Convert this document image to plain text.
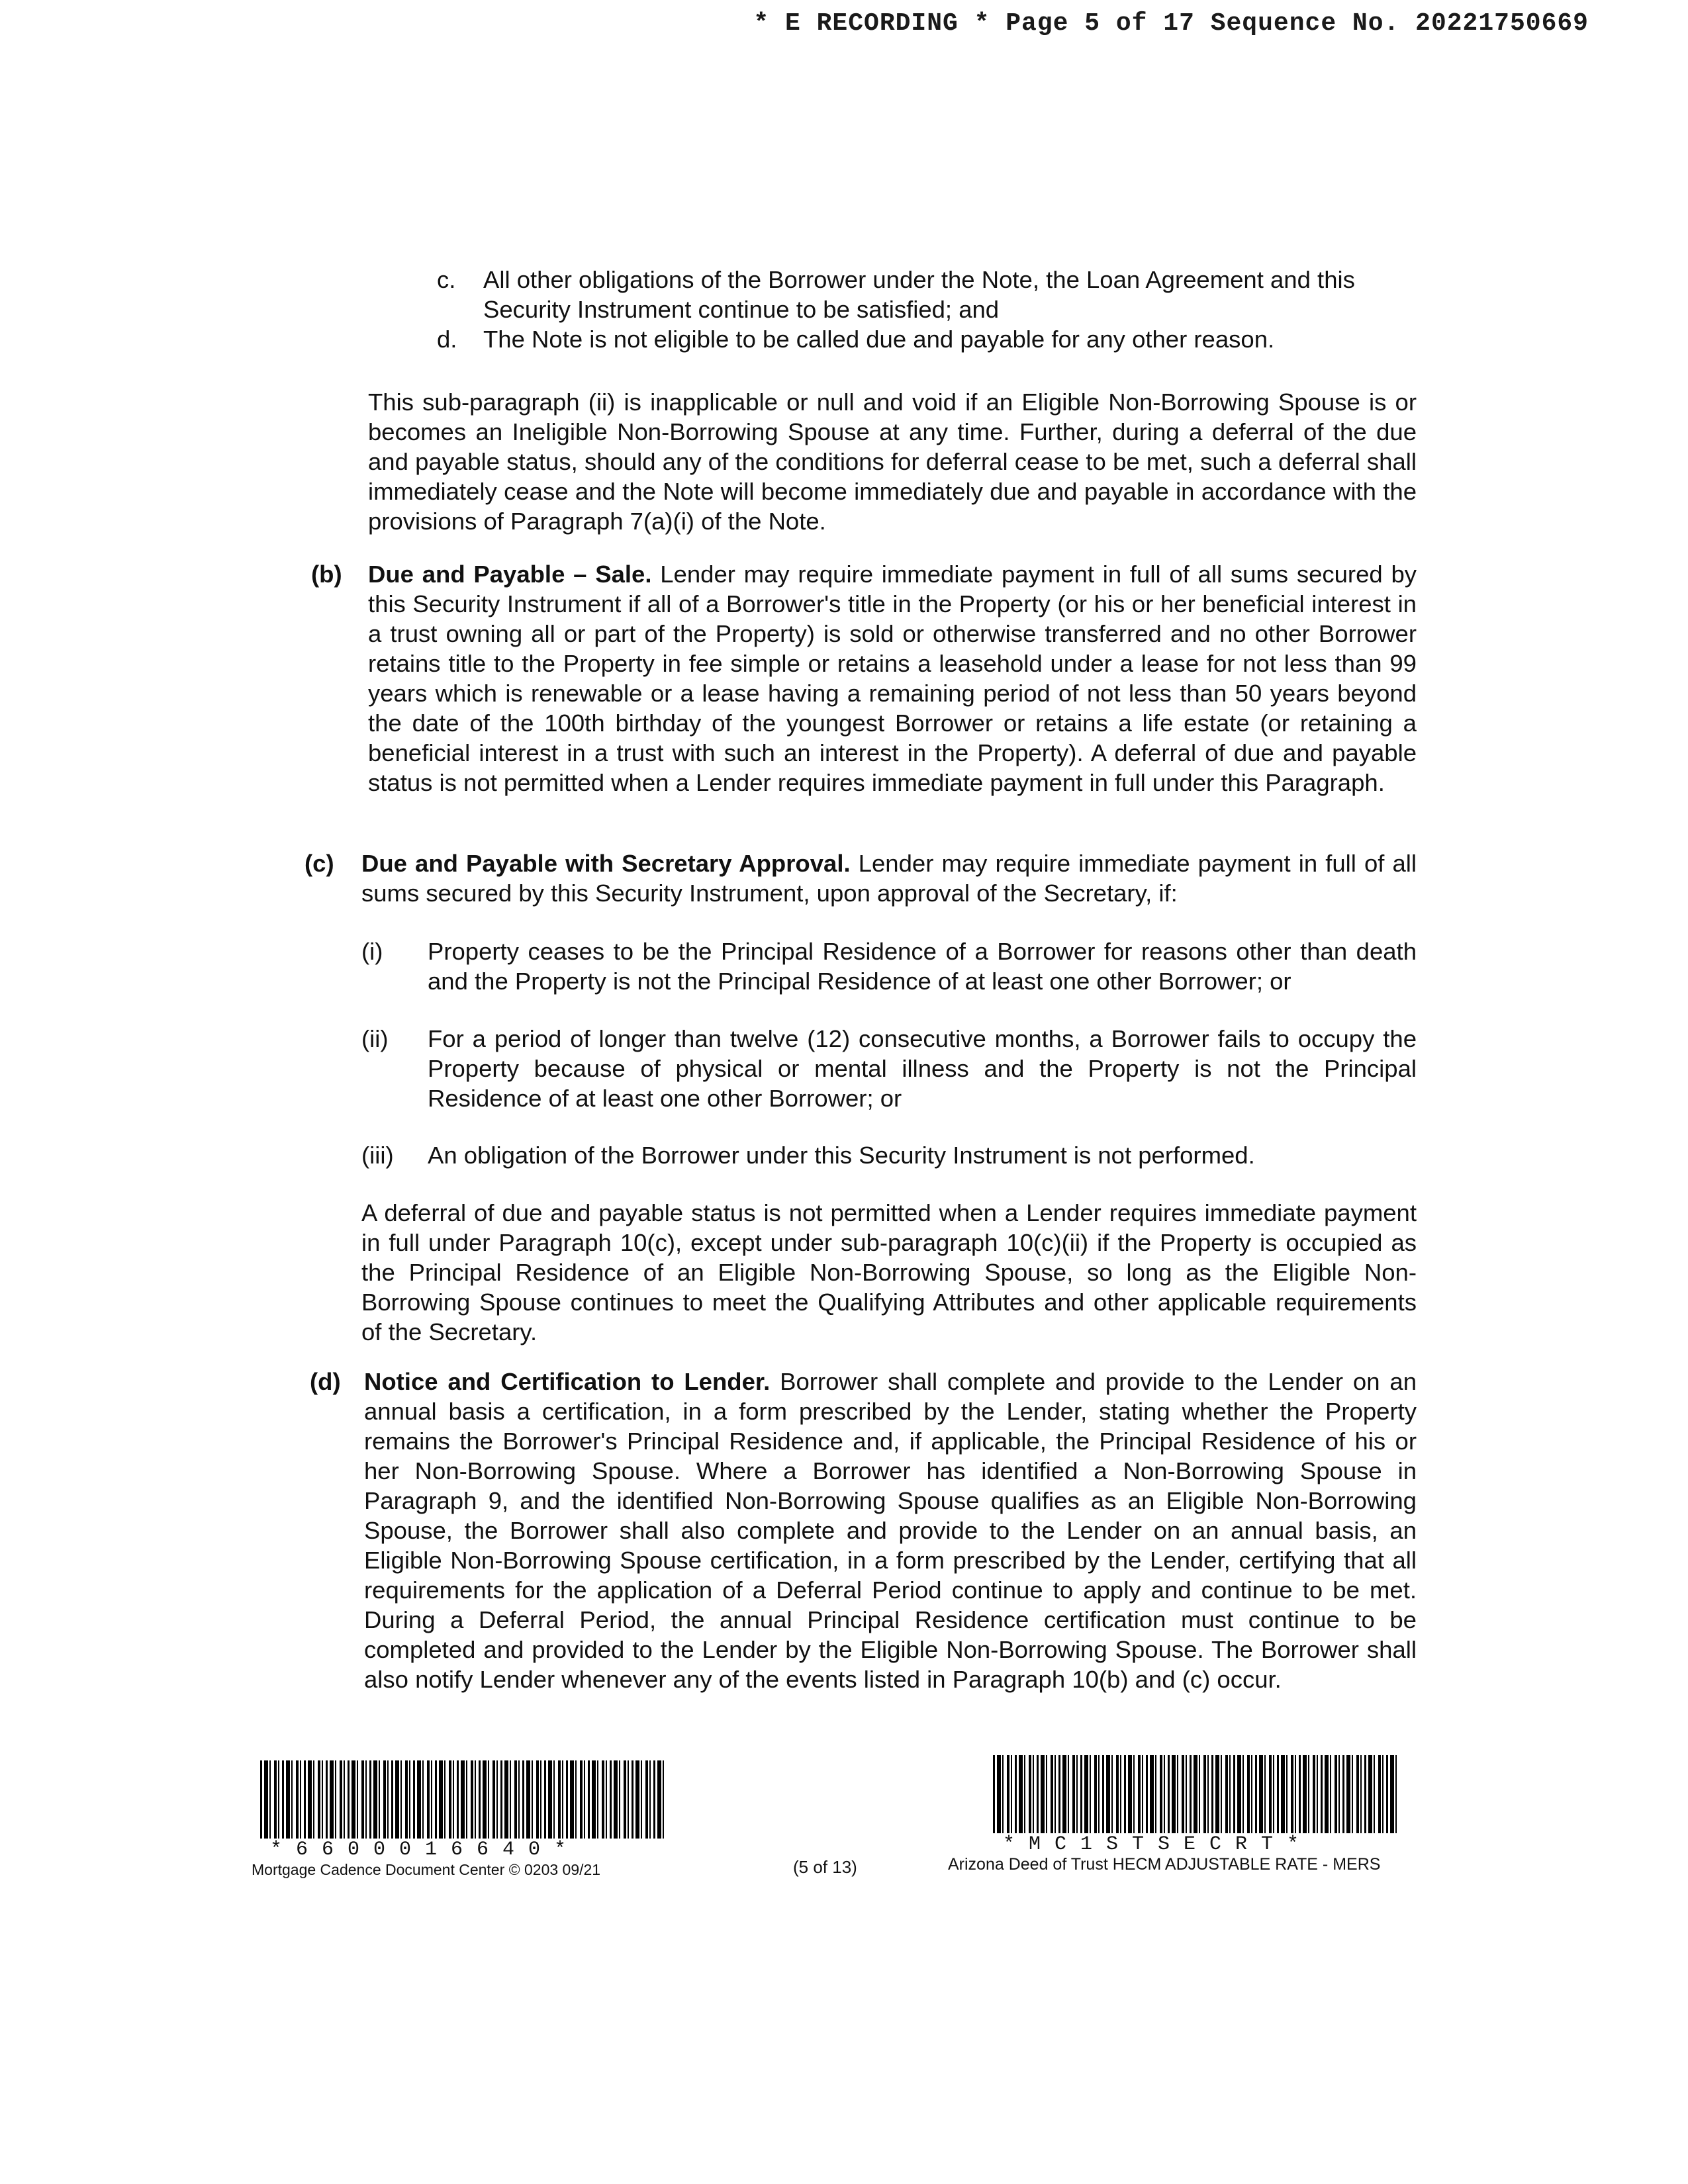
* E RECORDING * Page 5 of 17 Sequence No. 20221750669
c.	All other obligations of the Borrower under the Note, the Loan Agreement and this Security Instrument continue to be satisfied; and
d.	The Note is not eligible to be called due and payable for any other reason.
This sub-paragraph (ii) is inapplicable or null and void if an Eligible Non-Borrowing Spouse is or becomes an Ineligible Non-Borrowing Spouse at any time. Further, during a deferral of the due and payable status, should any of the conditions for deferral cease to be met, such a deferral shall immediately cease and the Note will become immediately due and payable in accordance with the provisions of Paragraph 7(a)(i) of the Note.
(b)	Due and Payable – Sale. Lender may require immediate payment in full of all sums secured by this Security Instrument if all of a Borrower's title in the Property (or his or her beneficial interest in a trust owning all or part of the Property) is sold or otherwise transferred and no other Borrower retains title to the Property in fee simple or retains a leasehold under a lease for not less than 99 years which is renewable or a lease having a remaining period of not less than 50 years beyond the date of the 100th birthday of the youngest Borrower or retains a life estate (or retaining a beneficial interest in a trust with such an interest in the Property). A deferral of due and payable status is not permitted when a Lender requires immediate payment in full under this Paragraph.
(c)	Due and Payable with Secretary Approval. Lender may require immediate payment in full of all sums secured by this Security Instrument, upon approval of the Secretary, if:
(i)	Property ceases to be the Principal Residence of a Borrower for reasons other than death and the Property is not the Principal Residence of at least one other Borrower; or
(ii)	For a period of longer than twelve (12) consecutive months, a Borrower fails to occupy the Property because of physical or mental illness and the Property is not the Principal Residence of at least one other Borrower; or
(iii)	An obligation of the Borrower under this Security Instrument is not performed.
A deferral of due and payable status is not permitted when a Lender requires immediate payment in full under Paragraph 10(c), except under sub-paragraph 10(c)(ii) if the Property is occupied as the Principal Residence of an Eligible Non-Borrowing Spouse, so long as the Eligible Non-Borrowing Spouse continues to meet the Qualifying Attributes and other applicable requirements of the Secretary.
(d) Notice and Certification to Lender. Borrower shall complete and provide to the Lender on an annual basis a certification, in a form prescribed by the Lender, stating whether the Property remains the Borrower's Principal Residence and, if applicable, the Principal Residence of his or her Non-Borrowing Spouse. Where a Borrower has identified a Non-Borrowing Spouse in Paragraph 9, and the identified Non-Borrowing Spouse qualifies as an Eligible Non-Borrowing Spouse, the Borrower shall also complete and provide to the Lender on an annual basis, an Eligible Non-Borrowing Spouse certification, in a form prescribed by the Lender, certifying that all requirements for the application of a Deferral Period continue to apply and continue to be met. During a Deferral Period, the annual Principal Residence certification must continue to be completed and provided to the Lender by the Eligible Non-Borrowing Spouse. The Borrower shall also notify Lender whenever any of the events listed in Paragraph 10(b) and (c) occur.
*6600016640*
Mortgage Cadence Document Center © 0203 09/21	(5 of 13)
*MC1STSECRT*
Arizona Deed of Trust HECM ADJUSTABLE RATE - MERS
